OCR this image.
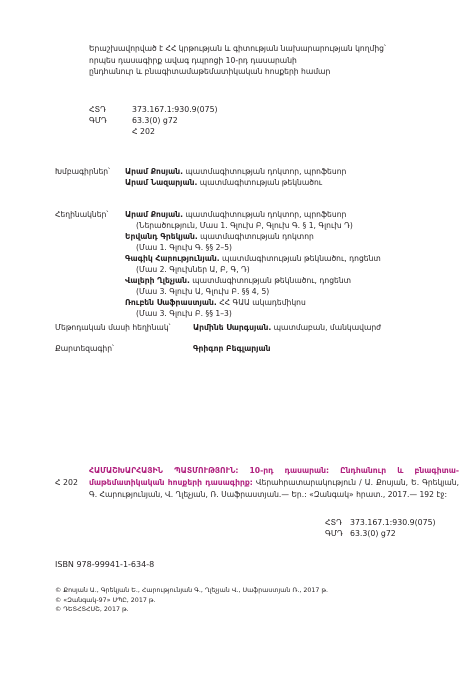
Երաշխավորված է ՀՀ կրթության և գիտության նախարարության կողմից՝
որպես դասագիրք ավագ դպրոցի 10-րդ դասարանի
ընդհանուր և բնագիտամաթեմատիկական հոսքերի համար
ՀՏԴ	373.167.1:930.9(075)
ԳՄԴ	63.3(0) ց72
Հ 202
Խմբագիրներ՝ Արամ Քոսյան. պատմագիտության դոկտոր, պրոֆեսոր
Արամ Նազարյան. պատմագիտության թեկնածու
Հեղինակներ՝ Արամ Քոսյան. պատմագիտության դոկտոր, պրոֆեսոր
(Ներածություն, Մաս 1. Գլուխ Բ, Գլուխ Գ. § 1, Գլուխ Դ)
Երվանդ Գրեկյան. պատմագիտության դոկտոր
(Մաս 1. Գլուխ Գ. §§ 2–5)
Գագիկ Հարությունյան. պատմագիտության թեկնածու, դոցենտ
(Մաս 2. Գլուխներ Ա, Բ, Գ, Դ)
Վալերի Ղլեչյան. պատմագիտության թեկնածու, դոցենտ
(Մաս 3. Գլուխ Ա, Գլուխ Բ. §§ 4, 5)
Ռուբեն Սաֆրաստյան. ՀՀ ԳԱԱ ակադեմիկոս
(Մաս 3. Գլուխ Բ. §§ 1–3)
Մեթոդական մասի հեղինակ՝	Արմինե Սարգսյան. պատմաբան, մանկավարժ
Քարտեզագիր՝	Գրիգոր Բեգլարյան
Հ 202
ՀԱՄԱՇԽԱՐՀԱՅԻՆ ՊԱՏՄՈՒԹՅՈՒՆ: 10-րդ դասարան: Ընդհանուր և բնագիտա-մաթեմատիկական հոսքերի դասագիրք: Վերահրատարակություն / Ա. Քոսյան, Ե. Գրեկյան, Գ. Հարությունյան, Վ. Ղլեչյան, Ռ. Սաֆրաստյան.— Եր.: «Զանգակ» հրատ., 2017.— 192 էջ:
ՀՏԴ 373.167.1:930.9(075)
ԳՄԴ 63.3(0) ց72
ISBN 978-99941-1-634-8
© Քոսյան Ա., Գրեկյան Ե., Հարությունյան Գ., Ղլեչյան Վ., Սաֆրաստյան Ռ., 2017 թ.
© «Զանգակ-97» ՍՊԸ, 2017 թ.
© ԴԵՏՀՏՀՍՇ, 2017 թ.
